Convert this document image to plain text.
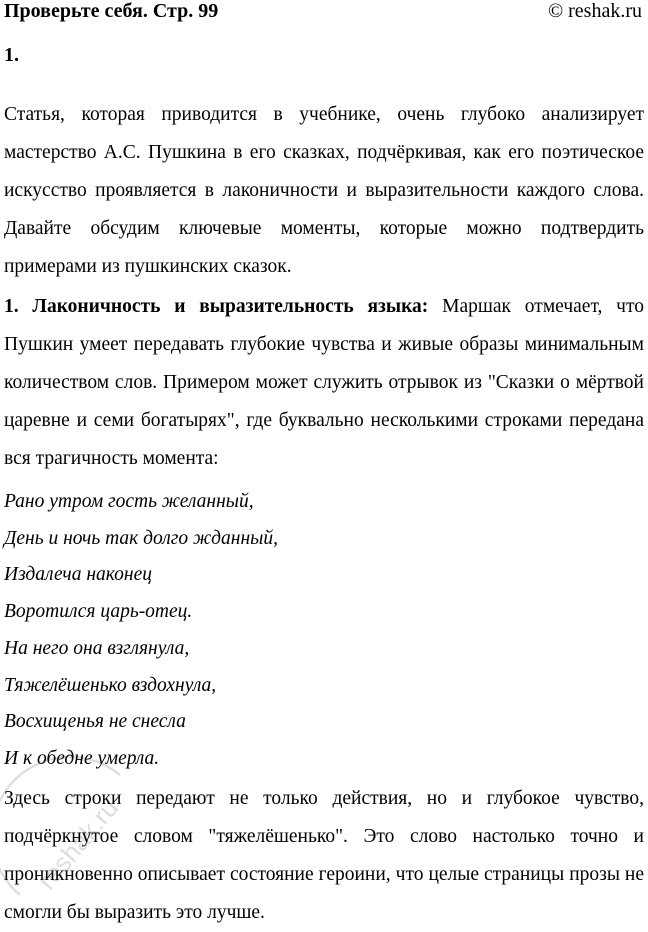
Проверьте себя. Стр. 99	© reshak.ru
1.

Статья, которая приводится в учебнике, очень глубоко анализирует мастерство А.С. Пушкина в его сказках, подчёркивая, как его поэтическое искусство проявляется в лаконичности и выразительности каждого слова. Давайте обсудим ключевые моменты, которые можно подтвердить примерами из пушкинских сказок.

1. Лаконичность и выразительность языка: Маршак отмечает, что Пушкин умеет передавать глубокие чувства и живые образы минимальным количеством слов. Примером может служить отрывок из "Сказки о мёртвой царевне и семи богатырях", где буквально несколькими строками передана вся трагичность момента:

Рано утром гость желанный,

День и ночь так долго жданный,

Издалеча наконец

Воротился царь-отец.

На него она взглянула,

Тяжелёшенько вздохнула,

Восхищенья не снесла

И к обедне умерла.

Здесь строки передают не только действия, но и глубокое чувство, подчёркнутое словом "тяжелёшенько". Это слово настолько точно и проникновенно описывает состояние героини, что целые страницы прозы не смогли бы выразить это лучше.

reshak.ru
